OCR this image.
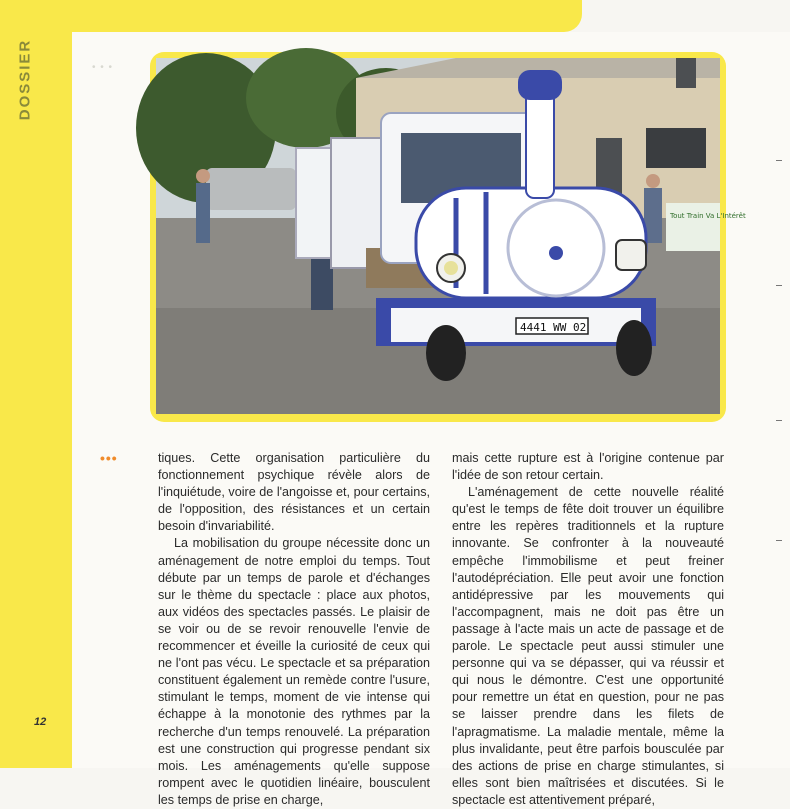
DOSSIER	• • •
Tout Train Va L'Intérêt
4441 WW 02
•••	tiques. Cette organisation particulière du fonctionnement psychique révèle alors de l'inquiétude, voire de l'angoisse et, pour certains, de l'opposition, des résistances et un certain besoin d'invariabilité.

La mobilisation du groupe nécessite donc un aménagement de notre emploi du temps. Tout débute par un temps de parole et d'échanges sur le thème du spectacle : place aux photos, aux vidéos des spectacles passés. Le plaisir de se voir ou de se revoir renouvelle l'envie de recommencer et éveille la curiosité de ceux qui ne l'ont pas vécu. Le spectacle et sa préparation constituent également un remède contre l'usure, stimulant le temps, moment de vie intense qui échappe à la monotonie des rythmes par la recherche d'un temps renouvelé. La préparation est une construction qui progresse pendant six mois. Les aménagements qu'elle suppose rompent avec le quotidien linéaire, bousculent les temps de prise en charge,

mais cette rupture est à l'origine contenue par l'idée de son retour certain.

L'aménagement de cette nouvelle réalité qu'est le temps de fête doit trouver un équilibre entre les repères traditionnels et la rupture innovante. Se confronter à la nouveauté empêche l'immobilisme et peut freiner l'autodépréciation. Elle peut avoir une fonction antidépressive par les mouvements qui l'accompagnent, mais ne doit pas être un passage à l'acte mais un acte de passage et de parole. Le spectacle peut aussi stimuler une personne qui va se dépasser, qui va réussir et qui nous le démontre. C'est une opportunité pour remettre un état en question, pour ne pas se laisser prendre dans les filets de l'apragmatisme. La maladie mentale, même la plus invalidante, peut être parfois bousculée par des actions de prise en charge stimulantes, si elles sont bien maîtrisées et discutées. Si le spectacle est attentivement préparé,

12
